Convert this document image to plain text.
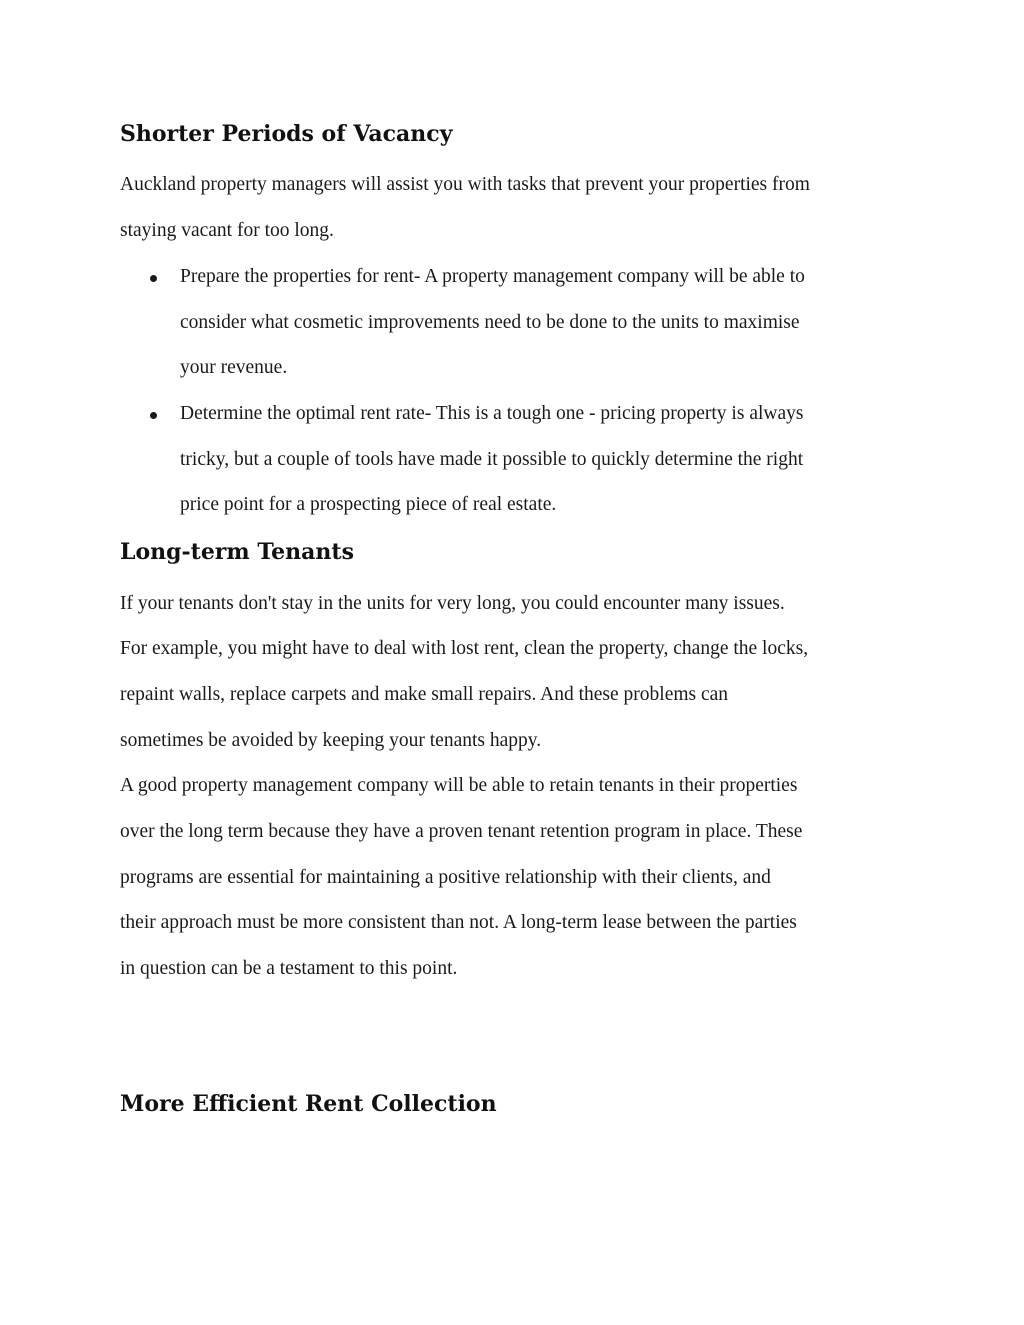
Shorter Periods of Vacancy

Auckland property managers will assist you with tasks that prevent your properties from

staying vacant for too long.

Prepare the properties for rent- A property management company will be able to

consider what cosmetic improvements need to be done to the units to maximise

your revenue.

Determine the optimal rent rate- This is a tough one - pricing property is always

tricky, but a couple of tools have made it possible to quickly determine the right

price point for a prospecting piece of real estate.

Long-term Tenants

If your tenants don't stay in the units for very long, you could encounter many issues.

For example, you might have to deal with lost rent, clean the property, change the locks,

repaint walls, replace carpets and make small repairs. And these problems can

sometimes be avoided by keeping your tenants happy.

A good property management company will be able to retain tenants in their properties

over the long term because they have a proven tenant retention program in place. These

programs are essential for maintaining a positive relationship with their clients, and

their approach must be more consistent than not. A long-term lease between the parties

in question can be a testament to this point.

More Efficient Rent Collection
